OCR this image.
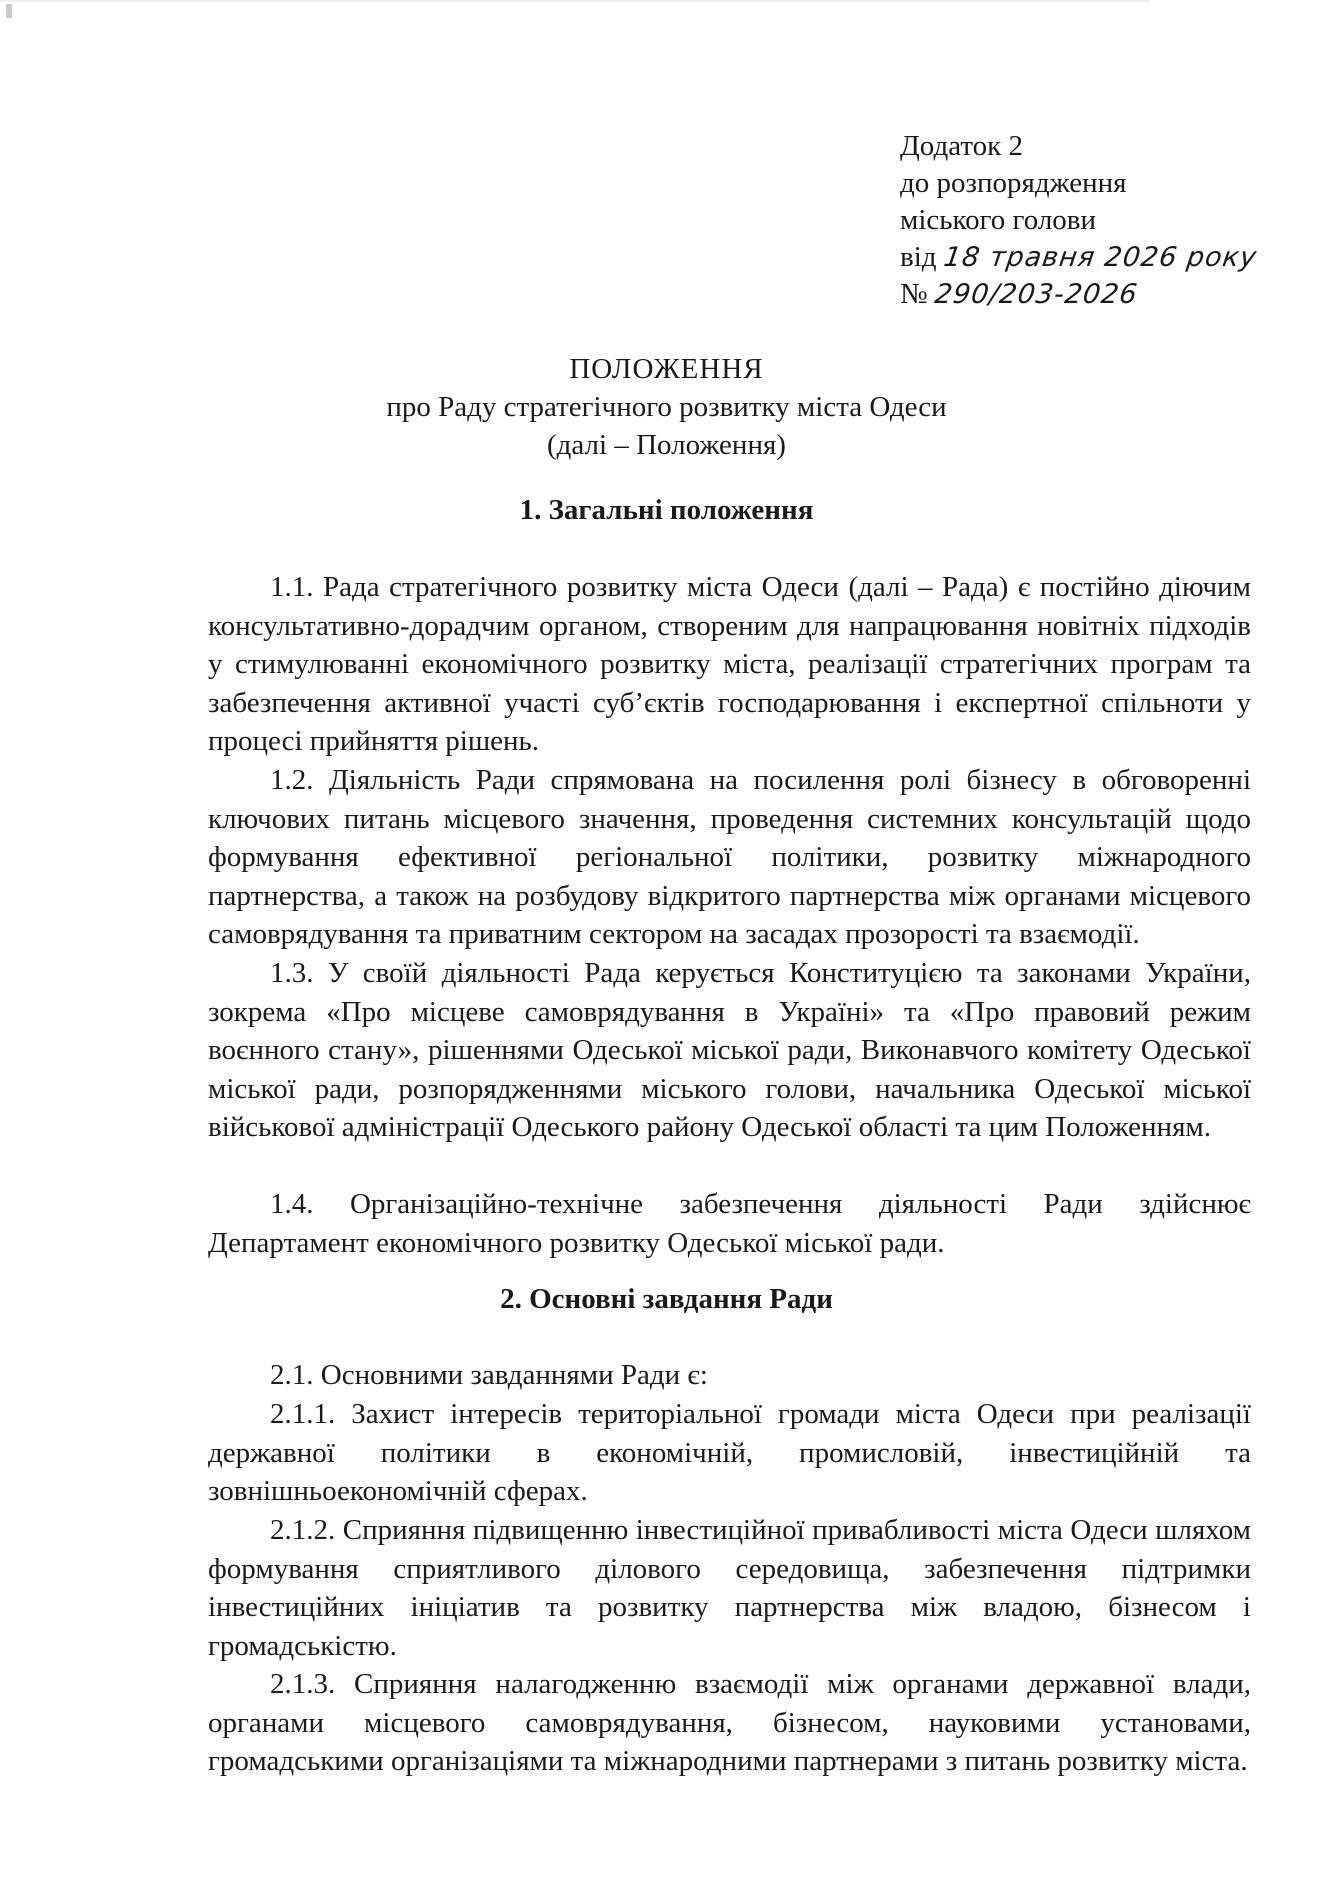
Додаток 2
до розпорядження
міського голови
від 18 травня 2026 року
№ 290/203-2026
ПОЛОЖЕННЯ
про Раду стратегічного розвитку міста Одеси
(далі – Положення)
1. Загальні положення

1.1. Рада стратегічного розвитку міста Одеси (далі – Рада) є постійно діючим консультативно-дорадчим органом, створеним для напрацювання новітніх підходів у стимулюванні економічного розвитку міста, реалізації стратегічних програм та забезпечення активної участі суб’єктів господарювання і експертної спільноти у процесі прийняття рішень.

1.2. Діяльність Ради спрямована на посилення ролі бізнесу в обговоренні ключових питань місцевого значення, проведення системних консультацій щодо формування ефективної регіональної політики, розвитку міжнародного партнерства, а також на розбудову відкритого партнерства між органами місцевого самоврядування та приватним сектором на засадах прозорості та взаємодії.

1.3. У своїй діяльності Рада керується Конституцією та законами України, зокрема «Про місцеве самоврядування в Україні» та «Про правовий режим воєнного стану», рішеннями Одеської міської ради, Виконавчого комітету Одеської міської ради, розпорядженнями міського голови, начальника Одеської міської військової адміністрації Одеського району Одеської області та цим Положенням.

1.4. Організаційно-технічне забезпечення діяльності Ради здійснює Департамент економічного розвитку Одеської міської ради.

2. Основні завдання Ради

2.1. Основними завданнями Ради є:

2.1.1. Захист інтересів територіальної громади міста Одеси при реалізації державної політики в економічній, промисловій, інвестиційній та зовнішньоекономічній сферах.

2.1.2. Сприяння підвищенню інвестиційної привабливості міста Одеси шляхом формування сприятливого ділового середовища, забезпечення підтримки інвестиційних ініціатив та розвитку партнерства між владою, бізнесом і громадськістю.

2.1.3. Сприяння налагодженню взаємодії між органами державної влади, органами місцевого самоврядування, бізнесом, науковими установами, громадськими організаціями та міжнародними партнерами з питань розвитку міста.
